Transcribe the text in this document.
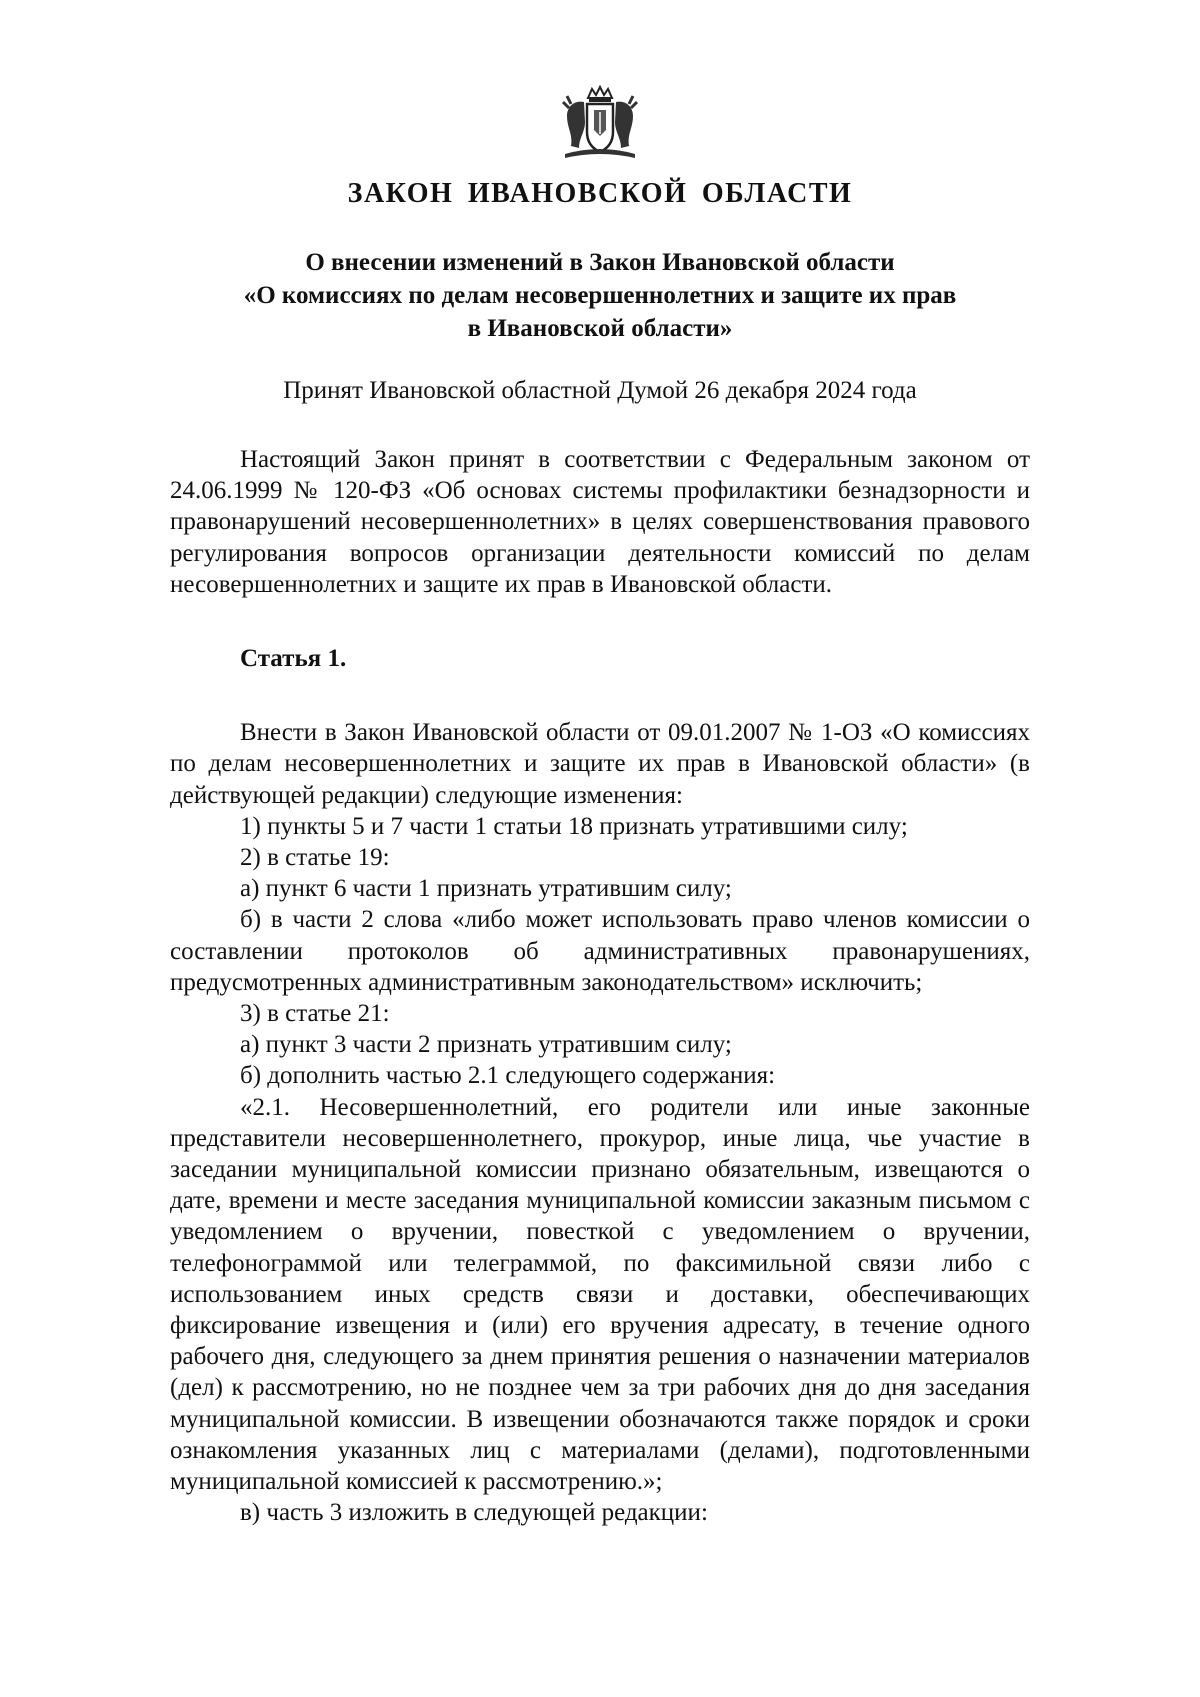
ЗАКОН ИВАНОВСКОЙ ОБЛАСТИ
О внесении изменений в Закон Ивановской области
«О комиссиях по делам несовершеннолетних и защите их прав
в Ивановской области»
Принят Ивановской областной Думой 26 декабря 2024 года

Настоящий Закон принят в соответствии с Федеральным законом от 24.06.1999 № 120-ФЗ «Об основах системы профилактики безнадзорности и правонарушений несовершеннолетних» в целях совершенствования правового регулирования вопросов организации деятельности комиссий по делам несовершеннолетних и защите их прав в Ивановской области.

Статья 1.

Внести в Закон Ивановской области от 09.01.2007 № 1-ОЗ «О комиссиях по делам несовершеннолетних и защите их прав в Ивановской области» (в действующей редакции) следующие изменения:

1) пункты 5 и 7 части 1 статьи 18 признать утратившими силу;

2) в статье 19:

а) пункт 6 части 1 признать утратившим силу;

б) в части 2 слова «либо может использовать право членов комиссии о составлении протоколов об административных правонарушениях, предусмотренных административным законодательством» исключить;

3) в статье 21:

а) пункт 3 части 2 признать утратившим силу;

б) дополнить частью 2.1 следующего содержания:

«2.1. Несовершеннолетний, его родители или иные законные представители несовершеннолетнего, прокурор, иные лица, чье участие в заседании муниципальной комиссии признано обязательным, извещаются о дате, времени и месте заседания муниципальной комиссии заказным письмом с уведомлением о вручении, повесткой с уведомлением о вручении, телефонограммой или телеграммой, по факсимильной связи либо с использованием иных средств связи и доставки, обеспечивающих фиксирование извещения и (или) его вручения адресату, в течение одного рабочего дня, следующего за днем принятия решения о назначении материалов (дел) к рассмотрению, но не позднее чем за три рабочих дня до дня заседания муниципальной комиссии. В извещении обозначаются также порядок и сроки ознакомления указанных лиц с материалами (делами), подготовленными муниципальной комиссией к рассмотрению.»;

в) часть 3 изложить в следующей редакции:
